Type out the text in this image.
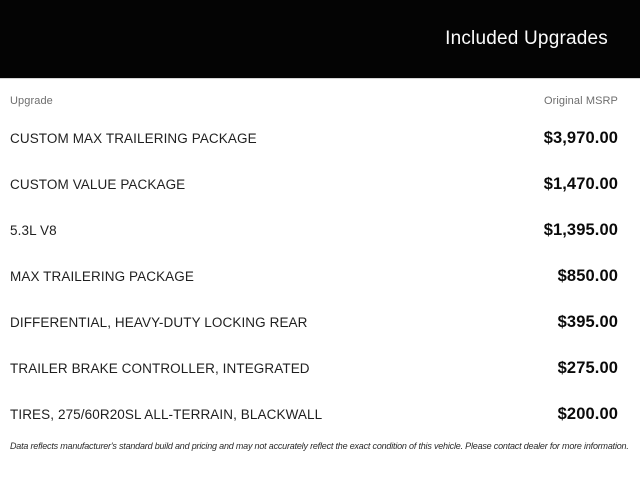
Included Upgrades
Upgrade	Original MSRP
CUSTOM MAX TRAILERING PACKAGE	$3,970.00
CUSTOM VALUE PACKAGE	$1,470.00
5.3L V8	$1,395.00
MAX TRAILERING PACKAGE	$850.00
DIFFERENTIAL, HEAVY-DUTY LOCKING REAR	$395.00
TRAILER BRAKE CONTROLLER, INTEGRATED	$275.00
TIRES, 275/60R20SL ALL-TERRAIN, BLACKWALL	$200.00
Data reflects manufacturer's standard build and pricing and may not accurately reflect the exact condition of this vehicle. Please contact dealer for more information.
